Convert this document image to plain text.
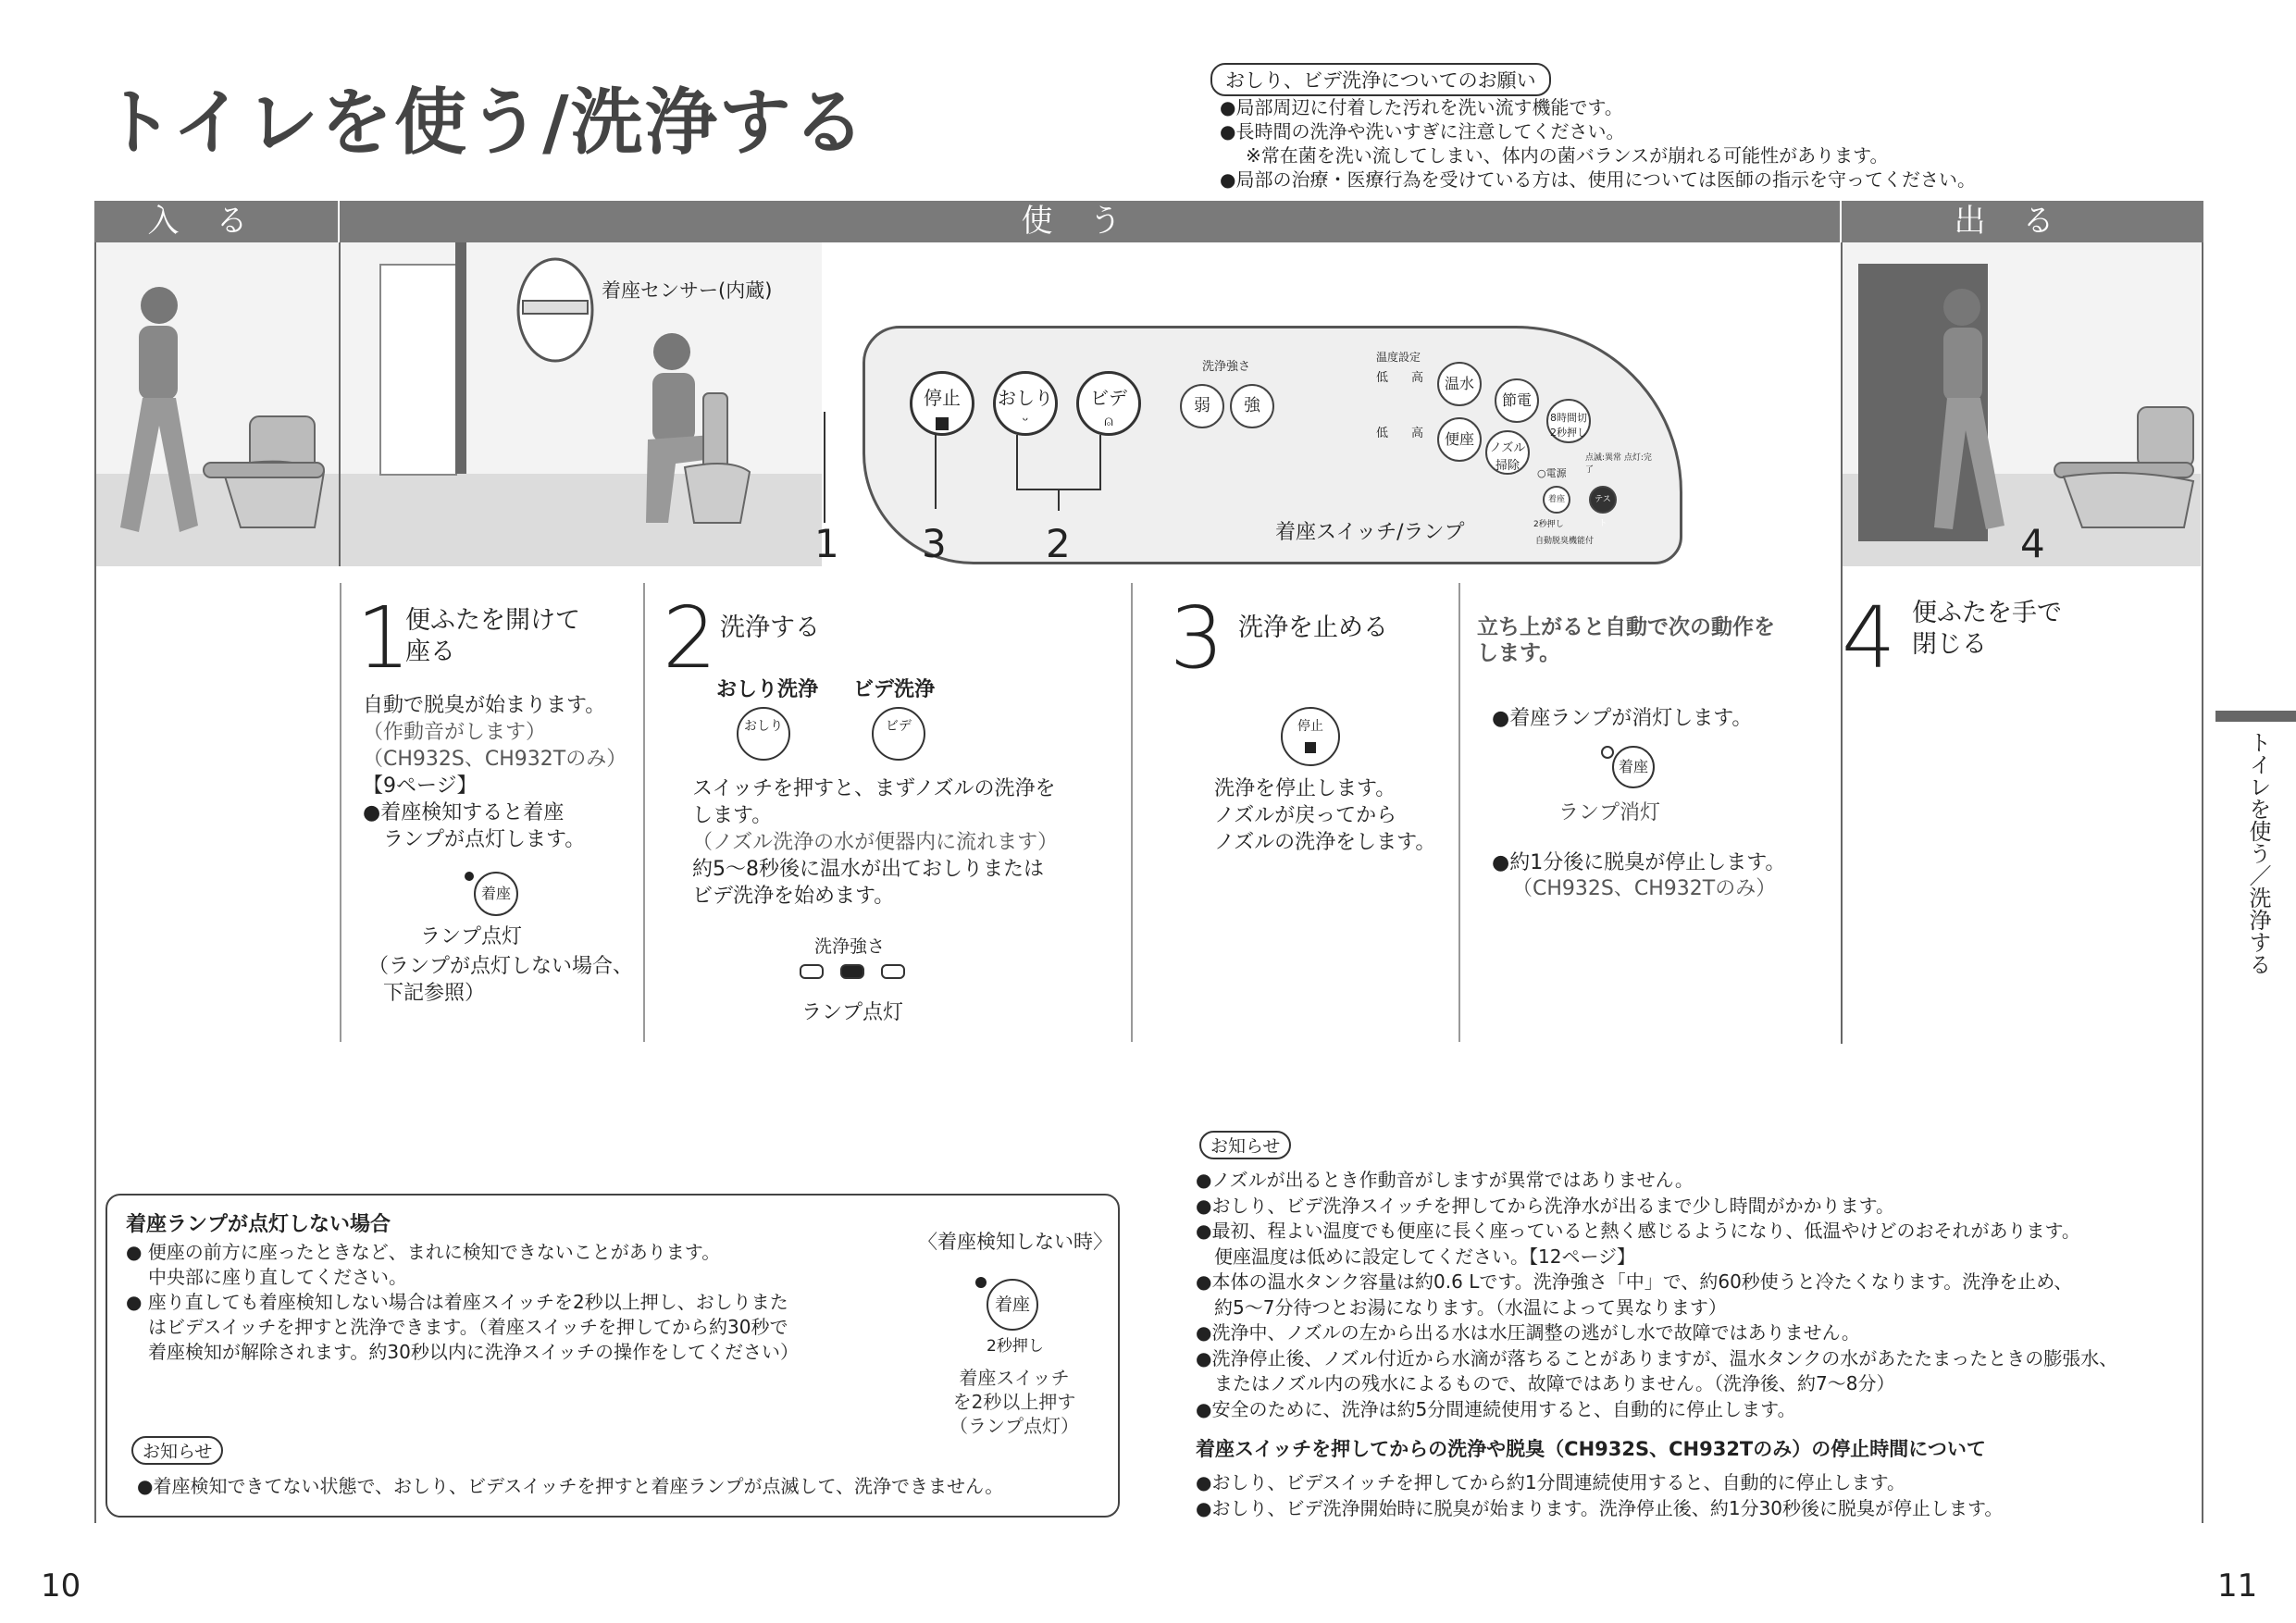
トイレを使う/洗浄する
おしり、ビデ洗浄についてのお願い
●局部周辺に付着した汚れを洗い流す機能です。
●長時間の洗浄や洗いすぎに注意してください。
※常在菌を洗い流してしまい、体内の菌バランスが崩れる可能性があります。
●局部の治療・医療行為を受けている方は、使用については医師の指示を守ってください。
入る	使う	出る
着座センサー(内蔵)
停止	おしり
ᵕ
ビデ
⍝
洗浄強さ
弱	強
温度設定
低 高
低 高
温水
便座
節電
8時間切
2秒押し
ノズル掃除
○電源
点滅:異常 点灯:完了
着座	テスト
2秒押し
自動脱臭機能付
着座スイッチ/ランプ
1 3	2	4
1
便ふたを開けて
座る
自動で脱臭が始まります。
（作動音がします）
（CH932S、CH932Tのみ）
【9ページ】
●着座検知すると着座
ランプが点灯します。
着座
ランプ点灯
（ランプが点灯しない場合、
下記参照）
2 洗浄する
おしり洗浄 ビデ洗浄
おしり	ビデ
スイッチを押すと、まずノズルの洗浄を
します。
（ノズル洗浄の水が便器内に流れます）
約5～8秒後に温水が出ておしりまたは
ビデ洗浄を始めます。
洗浄強さ
ランプ点灯
3 洗浄を止める
停止
洗浄を停止します。
ノズルが戻ってから
ノズルの洗浄をします。
立ち上がると自動で次の動作を
します。
●着座ランプが消灯します。
着座
ランプ消灯
●約1分後に脱臭が停止します。
（CH932S、CH932Tのみ）
4 便ふたを手で
閉じる
着座ランプが点灯しない場合
● 便座の前方に座ったときなど、まれに検知できないことがあります。
中央部に座り直してください。
● 座り直しても着座検知しない場合は着座スイッチを2秒以上押し、おしりまた
はビデスイッチを押すと洗浄できます。（着座スイッチを押してから約30秒で
着座検知が解除されます。約30秒以内に洗浄スイッチの操作をしてください）
〈着座検知しない時〉
着座
2秒押し
着座スイッチ
を2秒以上押す
（ランプ点灯）
お知らせ
●着座検知できてない状態で、おしり、ビデスイッチを押すと着座ランプが点滅して、洗浄できません。
お知らせ
●ノズルが出るとき作動音がしますが異常ではありません。
●おしり、ビデ洗浄スイッチを押してから洗浄水が出るまで少し時間がかかります。
●最初、程よい温度でも便座に長く座っていると熱く感じるようになり、低温やけどのおそれがあります。
　便座温度は低めに設定してください。【12ページ】
●本体の温水タンク容量は約0.6 Lです。洗浄強さ「中」で、約60秒使うと冷たくなります。洗浄を止め、
　約5～7分待つとお湯になります。（水温によって異なります）
●洗浄中、ノズルの左から出る水は水圧調整の逃がし水で故障ではありません。
●洗浄停止後、ノズル付近から水滴が落ちることがありますが、温水タンクの水があたたまったときの膨張水、
　またはノズル内の残水によるもので、故障ではありません。（洗浄後、約7～8分）
●安全のために、洗浄は約5分間連続使用すると、自動的に停止します。
着座スイッチを押してからの洗浄や脱臭（CH932S、CH932Tのみ）の停止時間について
●おしり、ビデスイッチを押してから約1分間連続使用すると、自動的に停止します。
●おしり、ビデ洗浄開始時に脱臭が始まります。洗浄停止後、約1分30秒後に脱臭が停止します。
トイレを使う／洗浄する
10	11
